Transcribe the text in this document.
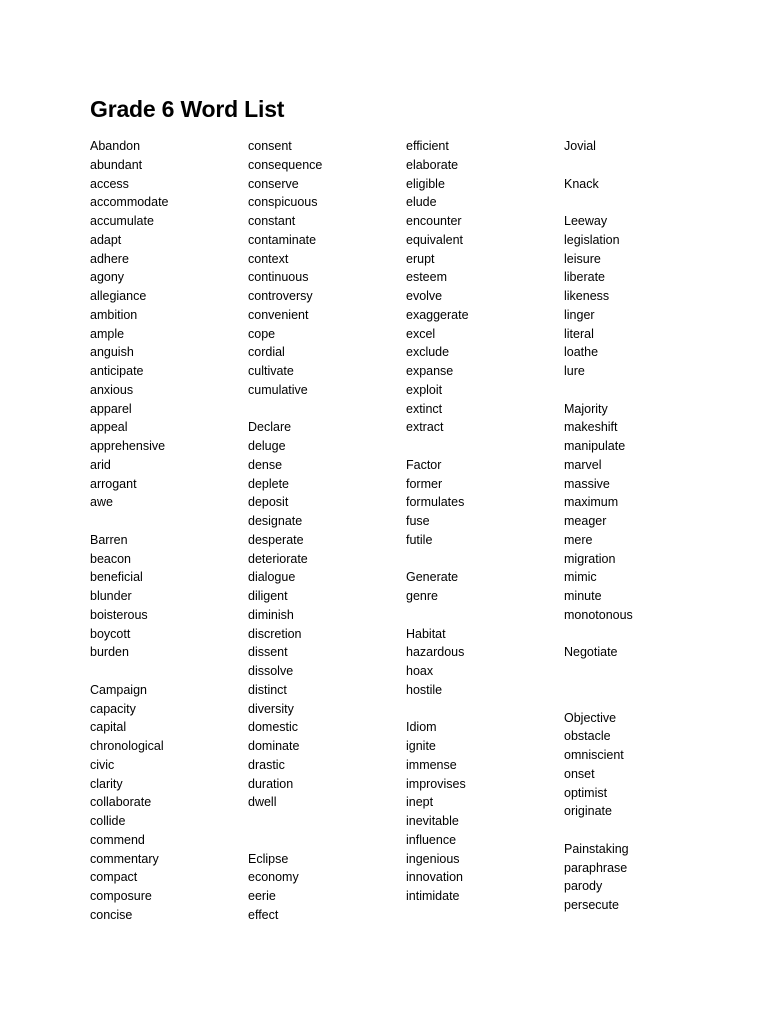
Grade 6 Word List
Abandon
abundant
access
accommodate
accumulate
adapt
adhere
agony
allegiance
ambition
ample
anguish
anticipate
anxious
apparel
appeal
apprehensive
arid
arrogant
awe
Barren
beacon
beneficial
blunder
boisterous
boycott
burden
Campaign
capacity
capital
chronological
civic
clarity
collaborate
collide
commend
commentary
compact
composure
concise
consent
consequence
conserve
conspicuous
constant
contaminate
context
continuous
controversy
convenient
cope
cordial
cultivate
cumulative
Declare
deluge
dense
deplete
deposit
designate
desperate
deteriorate
dialogue
diligent
diminish
discretion
dissent
dissolve
distinct
diversity
domestic
dominate
drastic
duration
dwell
Eclipse
economy
eerie
effect
efficient
elaborate
eligible
elude
encounter
equivalent
erupt
esteem
evolve
exaggerate
excel
exclude
expanse
exploit
extinct
extract
Factor
former
formulates
fuse
futile
Generate
genre
Habitat
hazardous
hoax
hostile
Idiom
ignite
immense
improvises
inept
inevitable
influence
ingenious
innovation
intimidate
Jovial
Knack
Leeway
legislation
leisure
liberate
likeness
linger
literal
loathe
lure
Majority
makeshift
manipulate
marvel
massive
maximum
meager
mere
migration
mimic
minute
monotonous
Negotiate
Objective
obstacle
omniscient
onset
optimist
originate
Painstaking
paraphrase
parody
persecute
